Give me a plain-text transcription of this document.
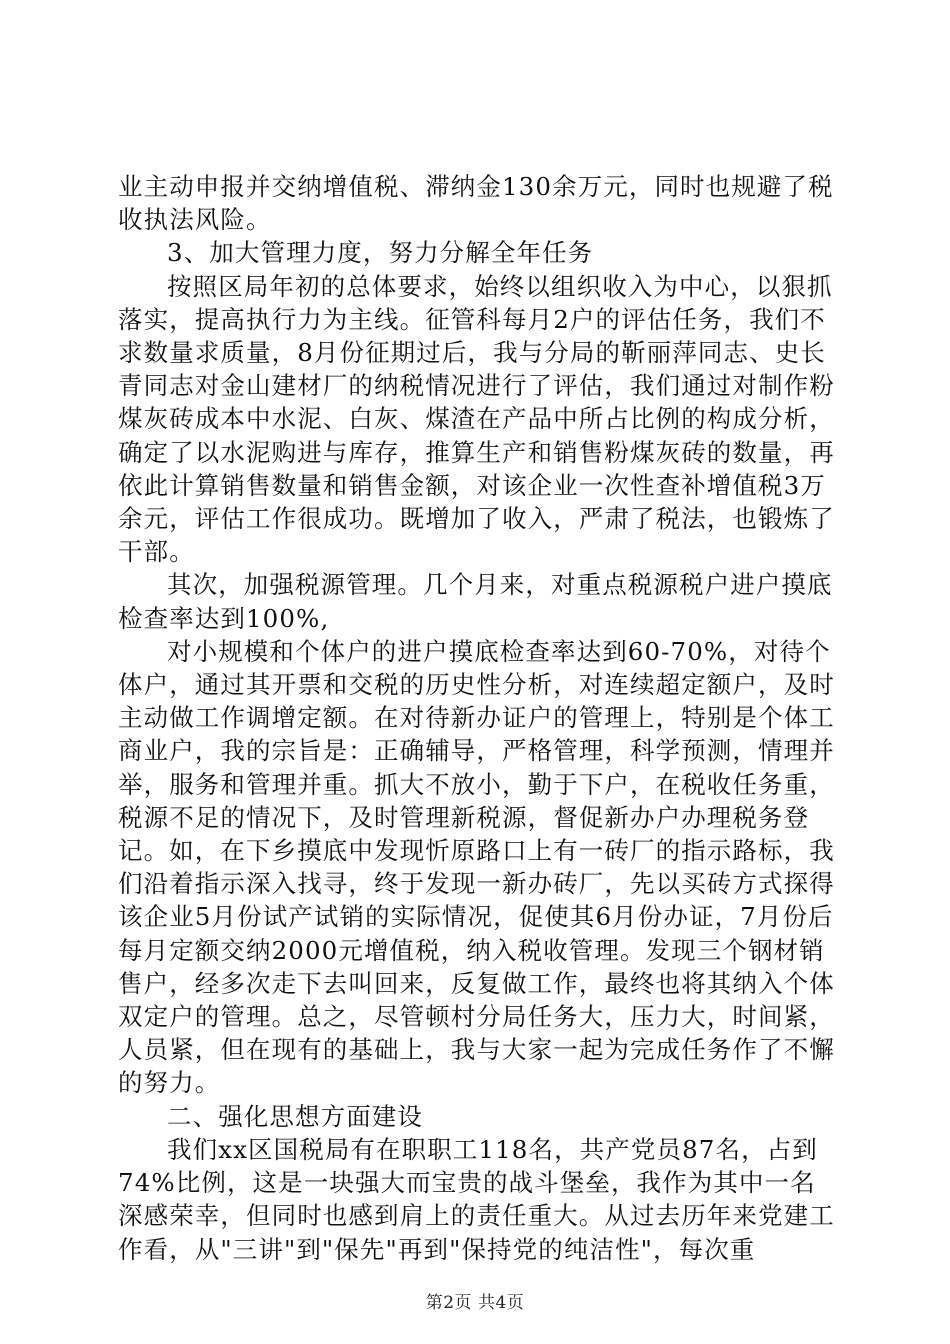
业主动申报并交纳增值税、滞纳金130余万元，同时也规避了税收执法风险。

3、加大管理力度，努力分解全年任务

按照区局年初的总体要求，始终以组织收入为中心，以狠抓落实，提高执行力为主线。征管科每月2户的评估任务，我们不求数量求质量，8月份征期过后，我与分局的靳丽萍同志、史长青同志对金山建材厂的纳税情况进行了评估，我们通过对制作粉煤灰砖成本中水泥、白灰、煤渣在产品中所占比例的构成分析，确定了以水泥购进与库存，推算生产和销售粉煤灰砖的数量，再依此计算销售数量和销售金额，对该企业一次性查补增值税3万余元，评估工作很成功。既增加了收入，严肃了税法，也锻炼了干部。

其次，加强税源管理。几个月来，对重点税源税户进户摸底检查率达到100%,

对小规模和个体户的进户摸底检查率达到60-70%，对待个体户，通过其开票和交税的历史性分析，对连续超定额户，及时主动做工作调增定额。在对待新办证户的管理上，特别是个体工商业户，我的宗旨是：正确辅导，严格管理，科学预测，情理并举，服务和管理并重。抓大不放小，勤于下户，在税收任务重，税源不足的情况下，及时管理新税源，督促新办户办理税务登记。如，在下乡摸底中发现忻原路口上有一砖厂的指示路标，我们沿着指示深入找寻，终于发现一新办砖厂，先以买砖方式探得该企业5月份试产试销的实际情况，促使其6月份办证，7月份后每月定额交纳2000元增值税，纳入税收管理。发现三个钢材销售户，经多次走下去叫回来，反复做工作，最终也将其纳入个体双定户的管理。总之，尽管顿村分局任务大，压力大，时间紧，人员紧，但在现有的基础上，我与大家一起为完成任务作了不懈的努力。

二、强化思想方面建设

我们xx区国税局有在职职工118名，共产党员87名，占到74%比例，这是一块强大而宝贵的战斗堡垒，我作为其中一名深感荣幸，但同时也感到肩上的责任重大。从过去历年来党建工作看，从"三讲"到"保先"再到"保持党的纯洁性"，每次重

第2页 共4页
